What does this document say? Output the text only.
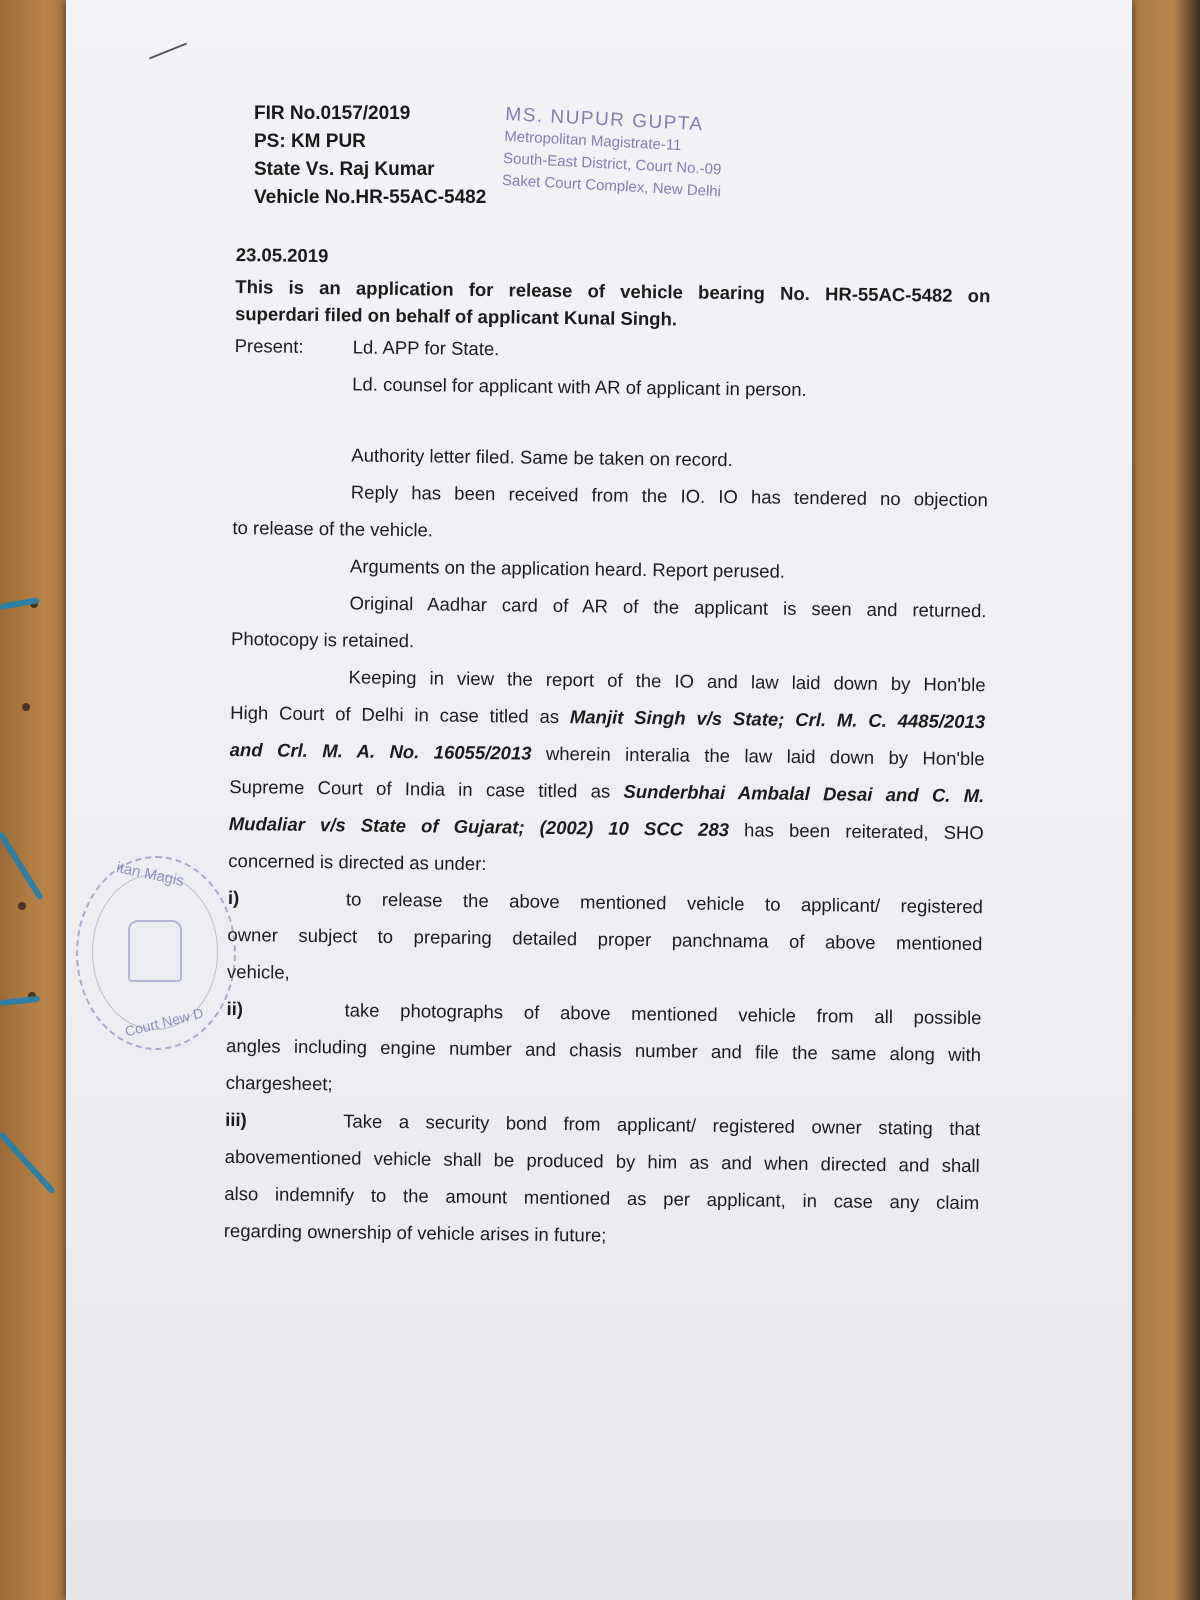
FIR No.0157/2019
PS: KM PUR
State Vs. Raj Kumar
Vehicle No.HR-55AC-5482
MS. NUPUR GUPTA
Metropolitan Magistrate-11
South-East District, Court No.-09
Saket Court Complex, New Delhi

23.05.2019

This is an application for release of vehicle bearing No. HR-55AC-5482 on

superdari filed on behalf of applicant Kunal Singh.

Present:	Ld. APP for State.

Ld. counsel for applicant with AR of applicant in person.

Authority letter filed. Same be taken on record.

Reply has been received from the IO. IO has tendered no objection

to release of the vehicle.

Arguments on the application heard. Report perused.

Original Aadhar card of AR of the applicant is seen and returned.

Photocopy is retained.

Keeping in view the report of the IO and law laid down by Hon'ble

High Court of Delhi in case titled as Manjit Singh v/s State; Crl. M. C. 4485/2013

and Crl. M. A. No. 16055/2013 wherein interalia the law laid down by Hon'ble

Supreme Court of India in case titled as Sunderbhai Ambalal Desai and C. M.

Mudaliar v/s State of Gujarat; (2002) 10 SCC 283 has been reiterated, SHO

concerned is directed as under:

i)	to release the above mentioned vehicle to applicant/ registered

owner subject to preparing detailed proper panchnama of above mentioned

vehicle,

ii)	take photographs of above mentioned vehicle from all possible

angles including engine number and chasis number and file the same along with

chargesheet;

iii)	Take a security bond from applicant/ registered owner stating that

abovementioned vehicle shall be produced by him as and when directed and shall

also indemnify to the amount mentioned as per applicant, in case any claim

regarding ownership of vehicle arises in future;

itan Magis
Court New D
